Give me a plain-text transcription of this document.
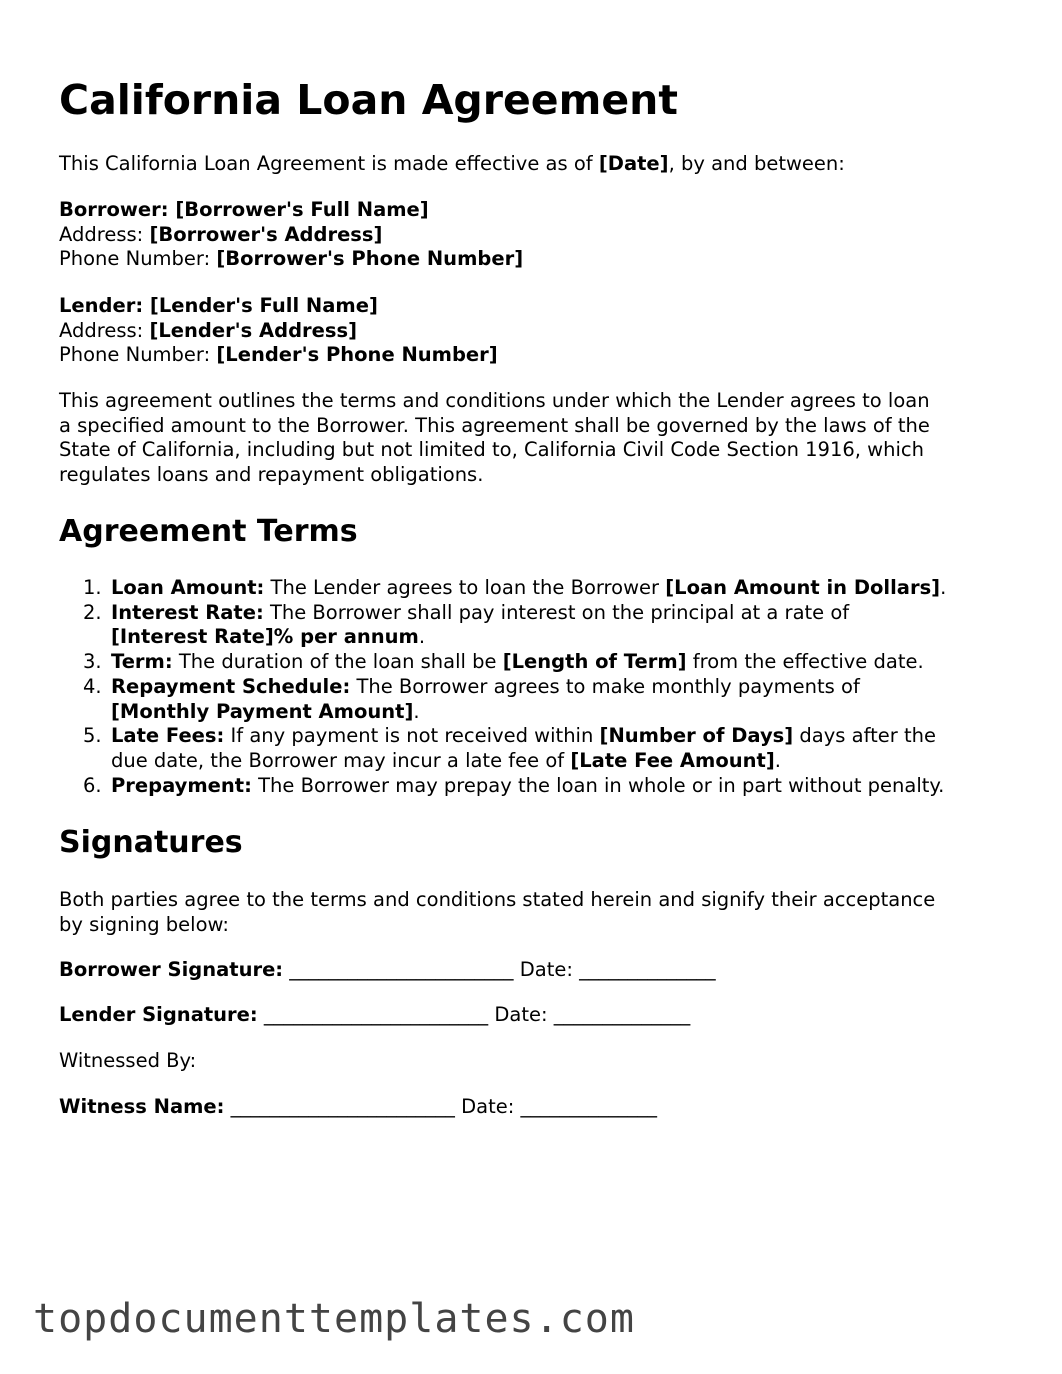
California Loan Agreement

This California Loan Agreement is made effective as of [Date], by and between:

Borrower: [Borrower's Full Name]
Address: [Borrower's Address]
Phone Number: [Borrower's Phone Number]
Lender: [Lender's Full Name]
Address: [Lender's Address]
Phone Number: [Lender's Phone Number]
This agreement outlines the terms and conditions under which the Lender agrees to loan
a specified amount to the Borrower. This agreement shall be governed by the laws of the
State of California, including but not limited to, California Civil Code Section 1916, which
regulates loans and repayment obligations.
Agreement Terms
1. Loan Amount: The Lender agrees to loan the Borrower [Loan Amount in Dollars].
2. Interest Rate: The Borrower shall pay interest on the principal at a rate of
[Interest Rate]% per annum.
3. Term: The duration of the loan shall be [Length of Term] from the effective date.
4. Repayment Schedule: The Borrower agrees to make monthly payments of
[Monthly Payment Amount].
5. Late Fees: If any payment is not received within [Number of Days] days after the
due date, the Borrower may incur a late fee of [Late Fee Amount].
6. Prepayment: The Borrower may prepay the loan in whole or in part without penalty.
Signatures
Both parties agree to the terms and conditions stated herein and signify their acceptance
by signing below:
Borrower Signature: _______________________ Date: ______________
Lender Signature: _______________________ Date: ______________
Witnessed By:
Witness Name: _______________________ Date: ______________
topdocumenttemplates.com
